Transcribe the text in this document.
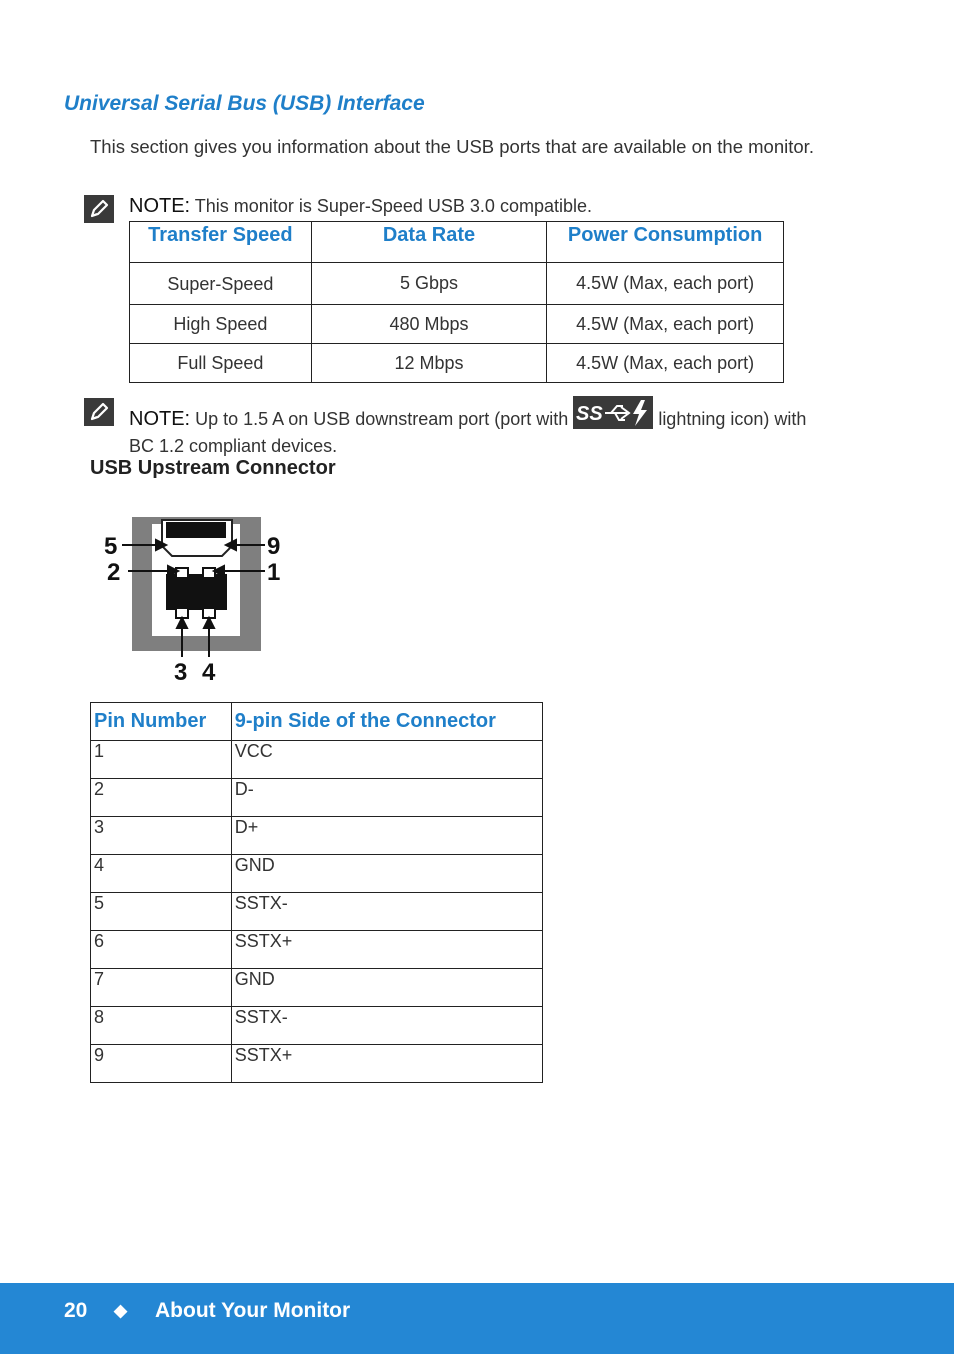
Universal Serial Bus (USB) Interface

This section gives you information about the USB ports that are available on the monitor.

NOTE: This monitor is Super-Speed USB 3.0 compatible.
Transfer Speed	Data Rate	Power Consumption
Super-Speed	5 Gbps	4.5W (Max, each port)
High Speed	480 Mbps	4.5W (Max, each port)
Full Speed	12 Mbps	4.5W (Max, each port)
NOTE: Up to 1.5 A on USB downstream port (port with SS	lightning icon) with BC 1.2 compliant devices.
USB Upstream Connector
5	9
2	1
3 4
Pin Number	9-pin Side of the Connector
1	VCC
2	D-
3	D+
4	GND
5	SSTX-
6	SSTX+
7	GND
8	SSTX-
9	SSTX+
20 ◆ About Your Monitor
